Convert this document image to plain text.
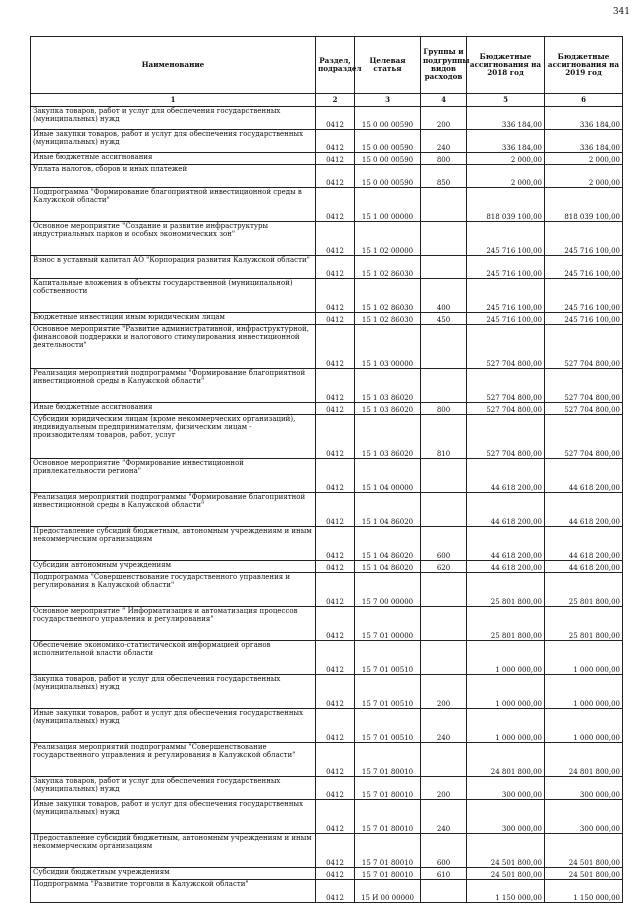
341
Наименование	Раздел, подраздел	Целевая статья	Группы и подгруппы видов расходов	Бюджетные ассигнования на 2018 год	Бюджетные ассигнования на 2019 год
1	2	3	4	5	6
Закупка товаров, работ и услуг для обеспечения государственных (муниципальных) нужд	0412	15 0 00 00590	200	336 184,00	336 184,00
Иные закупки товаров, работ и услуг для обеспечения государственных (муниципальных) нужд	0412	15 0 00 00590	240	336 184,00	336 184,00
Иные бюджетные ассигнования	0412	15 0 00 00590	800	2 000,00	2 000,00
Уплата налогов, сборов и иных платежей	0412	15 0 00 00590	850	2 000,00	2 000,00
Подпрограмма "Формирование благоприятной инвестиционной среды в Калужской области"	0412	15 1 00 00000		818 039 100,00	818 039 100,00
Основное мероприятие "Создание и развитие инфраструктуры индустриальных парков и особых экономических зон"	0412	15 1 02 00000		245 716 100,00	245 716 100,00
Взнос в уставный капитал АО "Корпорация развития Калужской области"	0412	15 1 02 86030		245 716 100,00	245 716 100,00
Капитальные вложения в объекты государственной (муниципальной) собственности	0412	15 1 02 86030	400	245 716 100,00	245 716 100,00
Бюджетные инвестиции иным юридическим лицам	0412	15 1 02 86030	450	245 716 100,00	245 716 100,00
Основное мероприятие "Развитие административной, инфраструктурной, финансовой поддержки и налогового стимулирования инвестиционной деятельности"	0412	15 1 03 00000		527 704 800,00	527 704 800,00
Реализация мероприятий подпрограммы "Формирование благоприятной инвестиционной среды в Калужской области"	0412	15 1 03 86020		527 704 800,00	527 704 800,00
Иные бюджетные ассигнования	0412	15 1 03 86020	800	527 704 800,00	527 704 800,00
Субсидии юридическим лицам (кроме некоммерческих организаций), индивидуальным предпринимателям, физическим лицам - производителям товаров, работ, услуг	0412	15 1 03 86020	810	527 704 800,00	527 704 800,00
Основное мероприятие "Формирование инвестиционной привлекательности региона"	0412	15 1 04 00000		44 618 200,00	44 618 200,00
Реализация мероприятий подпрограммы "Формирование благоприятной инвестиционной среды в Калужской области"	0412	15 1 04 86020		44 618 200,00	44 618 200,00
Предоставление субсидий бюджетным, автономным учреждениям и иным некоммерческим организациям	0412	15 1 04 86020	600	44 618 200,00	44 618 200,00
Субсидии автономным учреждениям	0412	15 1 04 86020	620	44 618 200,00	44 618 200,00
Подпрограмма "Совершенствование государственного управления и регулирования в Калужской области"	0412	15 7 00 00000		25 801 800,00	25 801 800,00
Основное мероприятие " Информатизация и автоматизация процессов государственного управления и регулирования"	0412	15 7 01 00000		25 801 800,00	25 801 800,00
Обеспечение экономико-статистической информацией органов исполнительной власти области	0412	15 7 01 00510		1 000 000,00	1 000 000,00
Закупка товаров, работ и услуг для обеспечения государственных (муниципальных) нужд	0412	15 7 01 00510	200	1 000 000,00	1 000 000,00
Иные закупки товаров, работ и услуг для обеспечения государственных (муниципальных) нужд	0412	15 7 01 00510	240	1 000 000,00	1 000 000,00
Реализация мероприятий подпрограммы "Совершенствование государственного управления и регулирования в Калужской области"	0412	15 7 01 80010		24 801 800,00	24 801 800,00
Закупка товаров, работ и услуг для обеспечения государственных (муниципальных) нужд	0412	15 7 01 80010	200	300 000,00	300 000,00
Иные закупки товаров, работ и услуг для обеспечения государственных (муниципальных) нужд	0412	15 7 01 80010	240	300 000,00	300 000,00
Предоставление субсидий бюджетным, автономным учреждениям и иным некоммерческим организациям	0412	15 7 01 80010	600	24 501 800,00	24 501 800,00
Субсидии бюджетным учреждениям	0412	15 7 01 80010	610	24 501 800,00	24 501 800,00
Подпрограмма "Развитие торговли в Калужской области"	0412	15 И 00 00000		1 150 000,00	1 150 000,00
